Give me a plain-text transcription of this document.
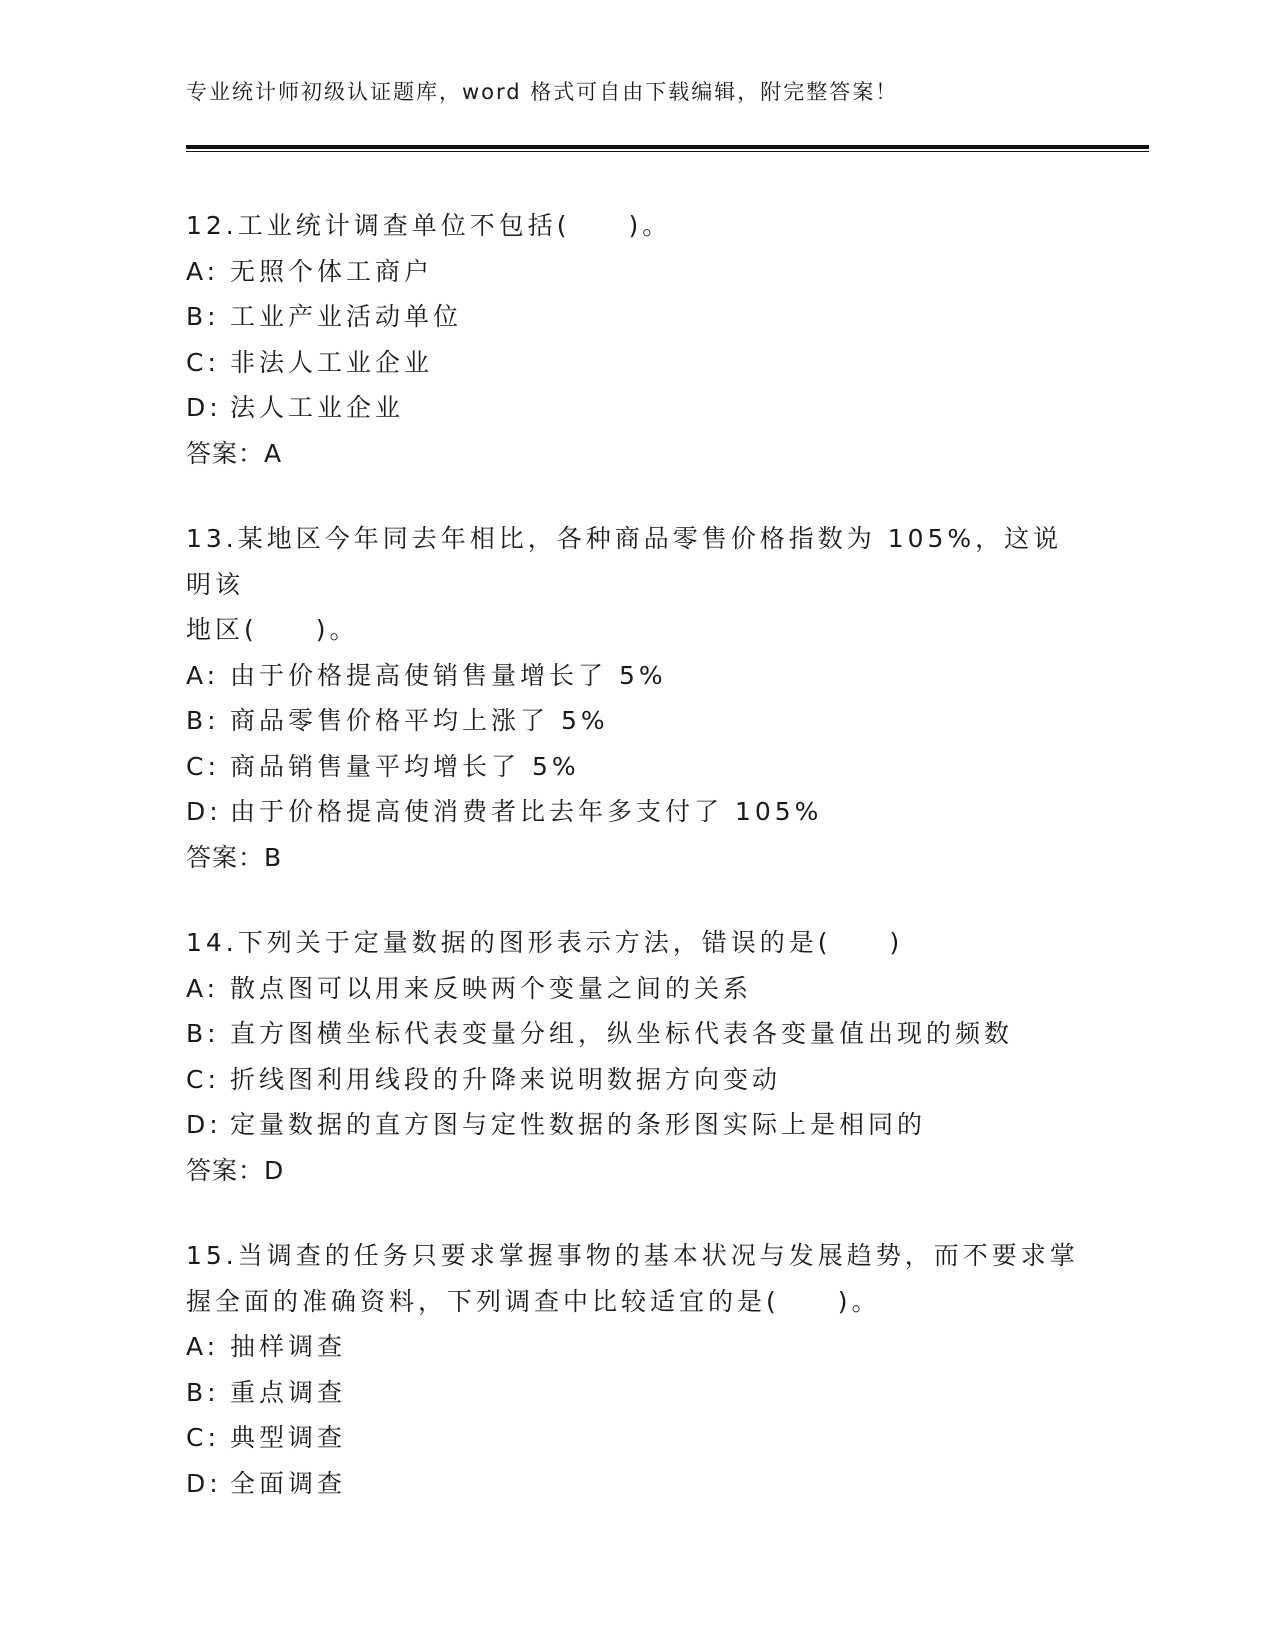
专业统计师初级认证题库，word 格式可自由下载编辑，附完整答案！
12.工业统计调查单位不包括(　　)。
A: 无照个体工商户
B: 工业产业活动单位
C: 非法人工业企业
D: 法人工业企业
答案：A
13.某地区今年同去年相比，各种商品零售价格指数为 105%，这说明该
地区(　　)。
A: 由于价格提高使销售量增长了 5%
B: 商品零售价格平均上涨了 5%
C: 商品销售量平均增长了 5%
D: 由于价格提高使消费者比去年多支付了 105%
答案：B
14.下列关于定量数据的图形表示方法，错误的是(　　)
A: 散点图可以用来反映两个变量之间的关系
B: 直方图横坐标代表变量分组，纵坐标代表各变量值出现的频数
C: 折线图利用线段的升降来说明数据方向变动
D: 定量数据的直方图与定性数据的条形图实际上是相同的
答案：D
15.当调查的任务只要求掌握事物的基本状况与发展趋势，而不要求掌
握全面的准确资料，下列调查中比较适宜的是(　　)。
A: 抽样调查
B: 重点调查
C: 典型调查
D: 全面调查
